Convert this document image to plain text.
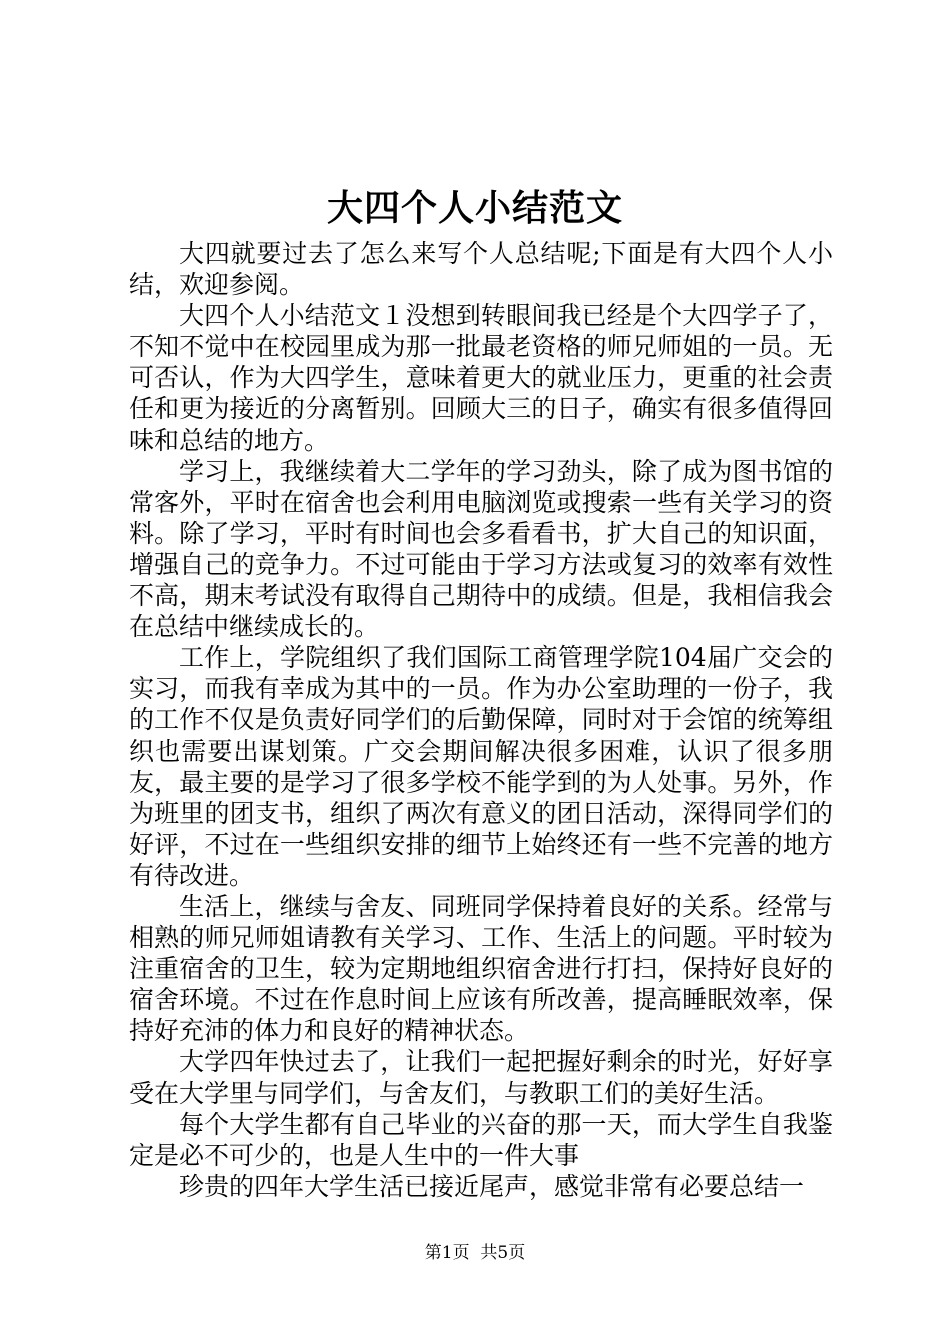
大四个人小结范文

大四就要过去了怎么来写个人总结呢;下面是有大四个人小结，欢迎参阅。

大四个人小结范文１没想到转眼间我已经是个大四学子了，不知不觉中在校园里成为那一批最老资格的师兄师姐的一员。无可否认，作为大四学生，意味着更大的就业压力，更重的社会责任和更为接近的分离暂别。回顾大三的日子，确实有很多值得回味和总结的地方。

学习上，我继续着大二学年的学习劲头，除了成为图书馆的常客外，平时在宿舍也会利用电脑浏览或搜索一些有关学习的资料。除了学习，平时有时间也会多看看书，扩大自己的知识面，增强自己的竞争力。不过可能由于学习方法或复习的效率有效性不高，期末考试没有取得自己期待中的成绩。但是，我相信我会在总结中继续成长的。

工作上，学院组织了我们国际工商管理学院104届广交会的实习，而我有幸成为其中的一员。作为办公室助理的一份子，我的工作不仅是负责好同学们的后勤保障，同时对于会馆的统筹组织也需要出谋划策。广交会期间解决很多困难，认识了很多朋友，最主要的是学习了很多学校不能学到的为人处事。另外，作为班里的团支书，组织了两次有意义的团日活动，深得同学们的好评，不过在一些组织安排的细节上始终还有一些不完善的地方有待改进。

生活上，继续与舍友、同班同学保持着良好的关系。经常与相熟的师兄师姐请教有关学习、工作、生活上的问题。平时较为注重宿舍的卫生，较为定期地组织宿舍进行打扫，保持好良好的宿舍环境。不过在作息时间上应该有所改善，提高睡眠效率，保持好充沛的体力和良好的精神状态。

大学四年快过去了，让我们一起把握好剩余的时光，好好享受在大学里与同学们，与舍友们，与教职工们的美好生活。

每个大学生都有自己毕业的兴奋的那一天，而大学生自我鉴定是必不可少的，也是人生中的一件大事

珍贵的四年大学生活已接近尾声，感觉非常有必要总结一

第1页 共5页
